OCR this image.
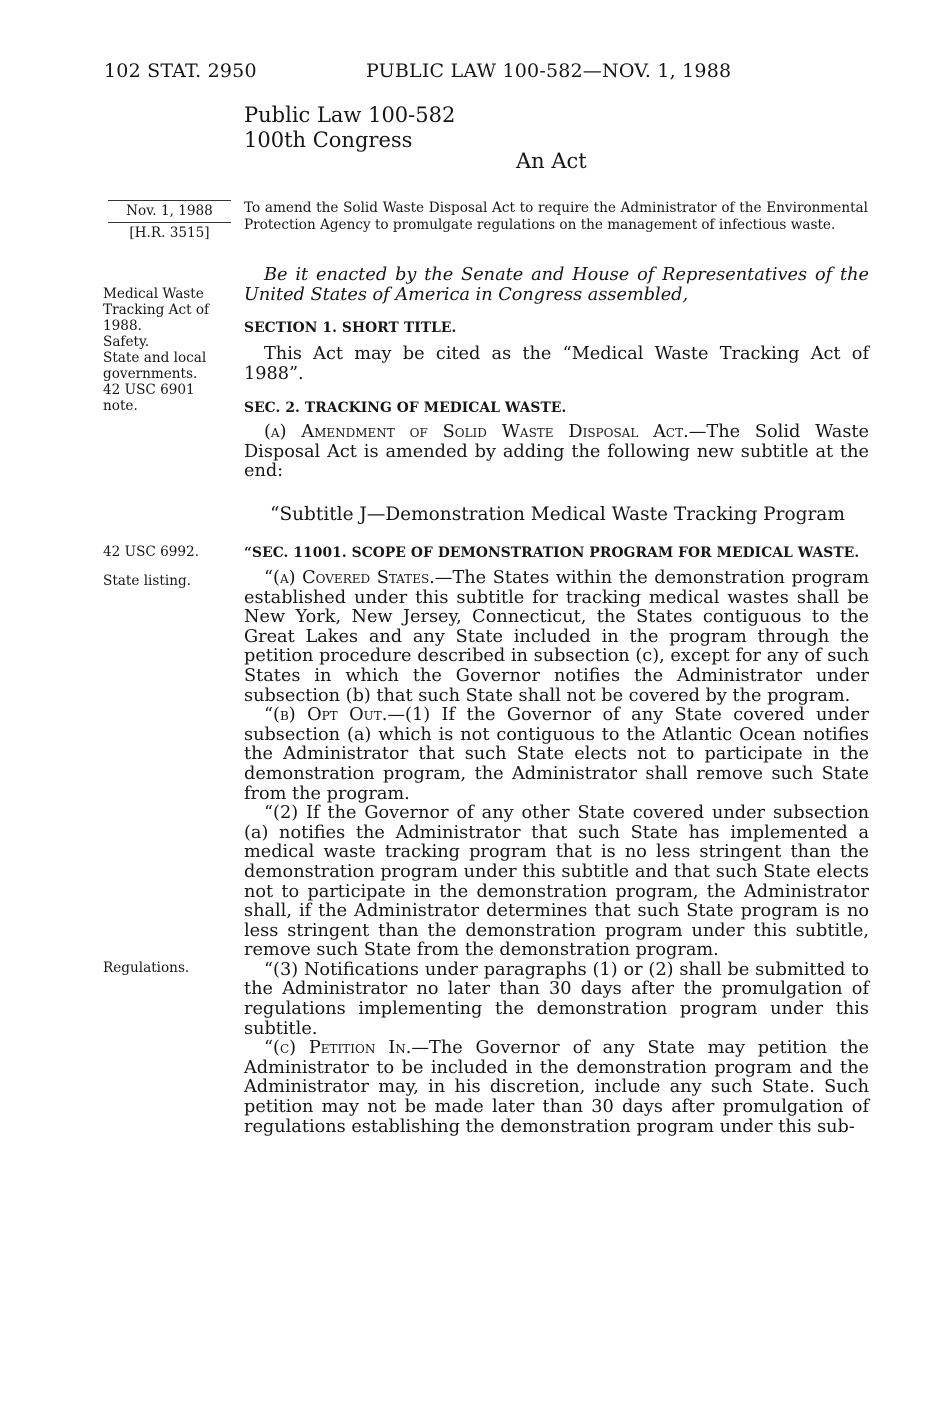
102 STAT. 2950	PUBLIC LAW 100-582—NOV. 1, 1988
Public Law 100-582
100th Congress
An Act
Nov. 1, 1988
[H.R. 3515]
To amend the Solid Waste Disposal Act to require the Administrator of the Environmental Protection Agency to promulgate regulations on the management of infectious waste.
Medical Waste
Tracking Act of
1988.
Safety.
State and local
governments.
42 USC 6901
note.

Be it enacted by the Senate and House of Representatives of the United States of America in Congress assembled,

SECTION 1. SHORT TITLE.

This Act may be cited as the “Medical Waste Tracking Act of 1988”.

SEC. 2. TRACKING OF MEDICAL WASTE.

(a) Amendment of Solid Waste Disposal Act.—The Solid Waste Disposal Act is amended by adding the following new subtitle at the end:

“Subtitle J—Demonstration Medical Waste Tracking Program
42 USC 6992.
State listing.
Regulations.
“SEC. 11001. SCOPE OF DEMONSTRATION PROGRAM FOR MEDICAL WASTE.

“(a) Covered States.—The States within the demonstration program established under this subtitle for tracking medical wastes shall be New York, New Jersey, Connecticut, the States contiguous to the Great Lakes and any State included in the program through the petition procedure described in subsection (c), except for any of such States in which the Governor notifies the Administrator under subsection (b) that such State shall not be covered by the program.

“(b) Opt Out.—(1) If the Governor of any State covered under subsection (a) which is not contiguous to the Atlantic Ocean notifies the Administrator that such State elects not to participate in the demonstration program, the Administrator shall remove such State from the program.

“(2) If the Governor of any other State covered under subsection (a) notifies the Administrator that such State has implemented a medical waste tracking program that is no less stringent than the demonstration program under this subtitle and that such State elects not to participate in the demonstration program, the Administrator shall, if the Administrator determines that such State program is no less stringent than the demonstration program under this subtitle, remove such State from the demonstration program.

“(3) Notifications under paragraphs (1) or (2) shall be submitted to the Administrator no later than 30 days after the promulgation of regulations implementing the demonstration program under this subtitle.

“(c) Petition In.—The Governor of any State may petition the Administrator to be included in the demonstration program and the Administrator may, in his discretion, include any such State. Such petition may not be made later than 30 days after promulgation of regulations establishing the demonstration program under this sub-
